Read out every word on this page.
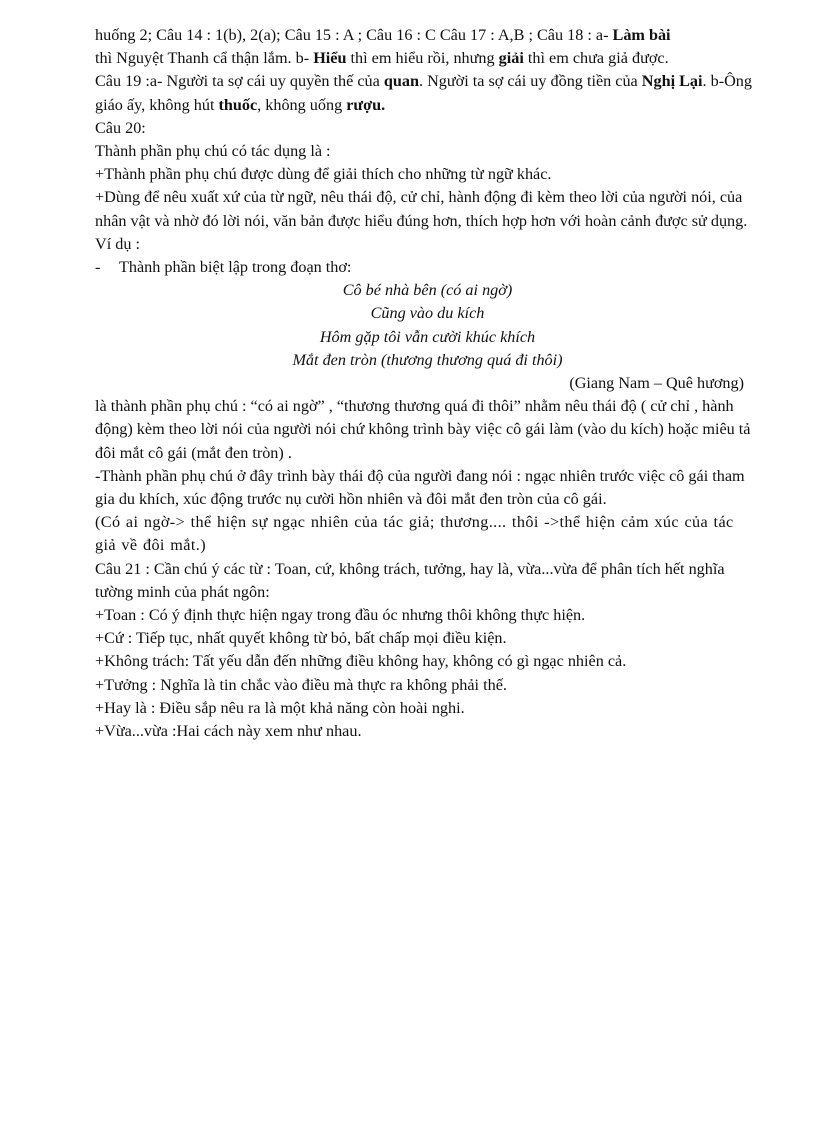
huống 2; Câu 14 : 1(b), 2(a); Câu 15 : A ; Câu 16 : C Câu 17 : A,B ; Câu 18 : a- Làm bài
thì Nguyệt Thanh cẩ thận lắm. b- Hiểu thì em hiểu rồi, nhưng giải thì em chưa giả được.
Câu 19 :a- Người ta sợ cái uy quyền thế của quan. Người ta sợ cái uy đồng tiền của Nghị Lại. b-Ông giáo ấy, không hút thuốc, không uống rượu.
Câu 20:
Thành phần phụ chú có tác dụng là :
+Thành phần phụ chú được dùng để giải thích cho những từ ngữ khác.
+Dùng để nêu xuất xứ của từ ngữ, nêu thái độ, cử chỉ, hành động đi kèm theo lời của người nói, của nhân vật và nhờ đó lời nói, văn bản được hiểu đúng hơn, thích hợp hơn với hoàn cảnh được sử dụng.
Ví dụ :
- Thành phần biệt lập trong đoạn thơ:
Cô bé nhà bên (có ai ngờ)
Cũng vào du kích
Hôm gặp tôi vẫn cười khúc khích
Mắt đen tròn (thương thương quá đi thôi)
(Giang Nam – Quê hương)
là thành phần phụ chú : “có ai ngờ” , “thương thương quá đi thôi” nhằm nêu thái độ ( cử chỉ , hành động) kèm theo lời nói của người nói chứ không trình bày việc cô gái làm (vào du kích) hoặc miêu tả đôi mắt cô gái (mắt đen tròn) .
-Thành phần phụ chú ở đây trình bày thái độ của người đang nói : ngạc nhiên trước việc cô gái tham gia du khích, xúc động trước nụ cười hồn nhiên và đôi mắt đen tròn của cô gái.
(Có ai ngờ-> thể hiện sự ngạc nhiên của tác giả; thương.... thôi ->thể hiện cảm xúc của tác giả về đôi mắt.)
Câu 21 : Cần chú ý các từ : Toan, cứ, không trách, tưởng, hay là, vừa...vừa để phân tích hết nghĩa tường minh của phát ngôn:
+Toan : Có ý định thực hiện ngay trong đầu óc nhưng thôi không thực hiện.
+Cứ : Tiếp tục, nhất quyết không từ bỏ, bất chấp mọi điều kiện.
+Không trách: Tất yếu dẫn đến những điều không hay, không có gì ngạc nhiên cả.
+Tưởng : Nghĩa là tin chắc vào điều mà thực ra không phải thế.
+Hay là : Điều sắp nêu ra là một khả năng còn hoài nghi.
+Vừa...vừa :Hai cách này xem như nhau.
